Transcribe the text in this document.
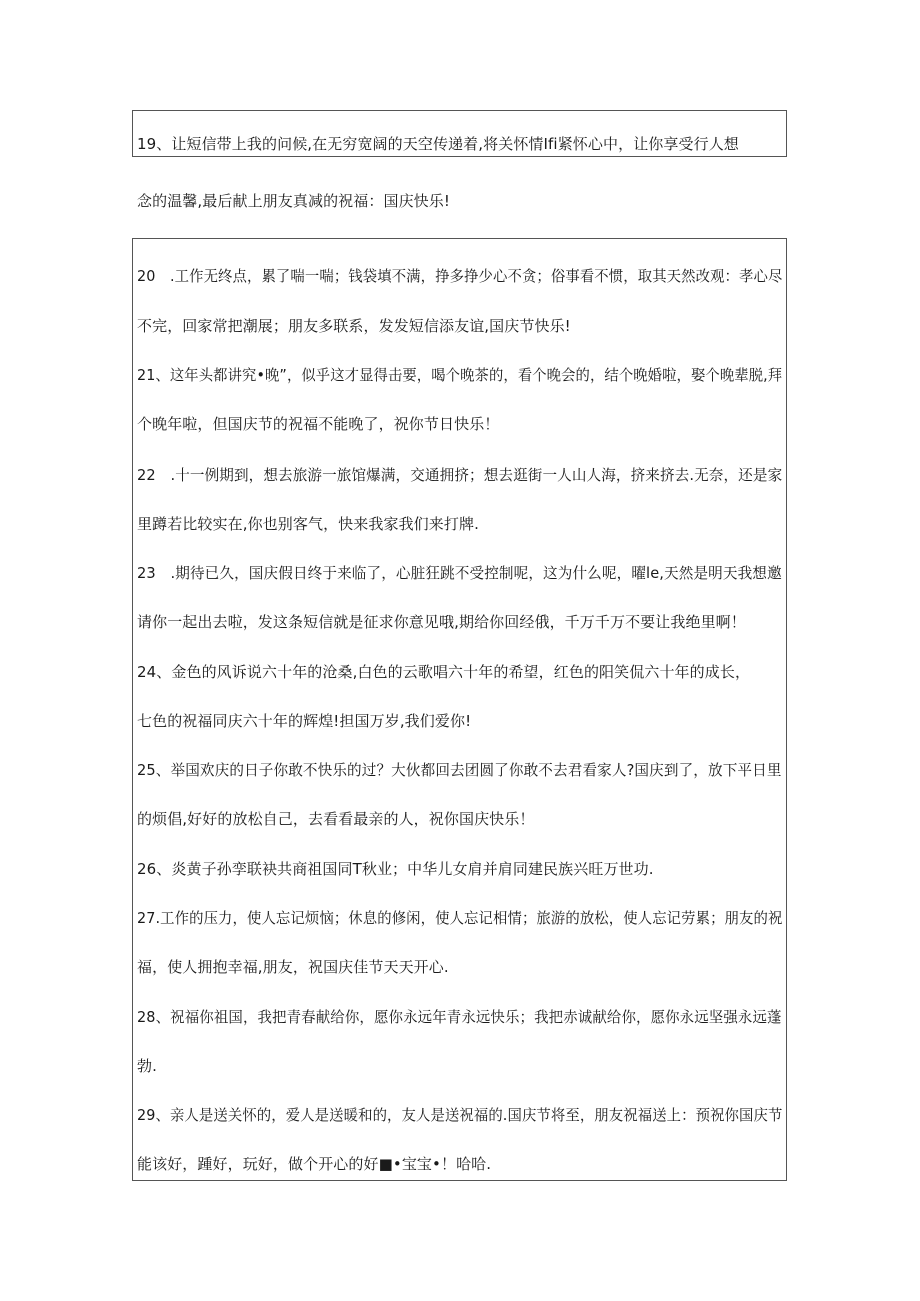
19、让短信带上我的问候,在无穷宽阔的天空传递着,将关怀情Ifi紧怀心中，让你享受行人想
念的温馨,最后献上朋友真减的祝福：国庆快乐!
20　.工作无终点，累了喘一喘；钱袋填不满，挣多挣少心不贪；俗事看不惯，取其天然改观：孝心尽
不完，回家常把潮展；朋友多联系，发发短信添友谊,国庆节快乐!
21、这年头都讲究•晚”，似乎这才显得击要，喝个晚茶的，看个晚会的，结个晚婚啦，娶个晚辈脱,拜
个晚年啦，但国庆节的祝福不能晚了，祝你节日快乐！
22　.十一例期到，想去旅游一旅馆爆满，交通拥挤；想去逛街一人山人海，挤来挤去.无奈，还是家
里蹲若比较实在,你也别客气，快来我家我们来打牌.
23　.期待已久，国庆假日终于来临了，心脏狂跳不受控制呢，这为什么呢，曜le,天然是明天我想邀
请你一起出去啦，发这条短信就是征求你意见哦,期给你回经俄，千万千万不要让我绝里啊！
24、金色的风诉说六十年的沧桑,白色的云歌唱六十年的希望，红色的阳笑侃六十年的成长，
七色的祝福同庆六十年的辉煌!担国万岁,我们爱你!
25、举国欢庆的日子你敢不快乐的过？大伙都回去团圆了你敢不去君看家人?国庆到了，放下平日里
的烦倡,好好的放松自己，去看看最亲的人，祝你国庆快乐！
26、炎黄子孙孪联袂共商祖国同T秋业；中华儿女肩并肩同建民族兴旺万世功.
27.工作的压力，使人忘记烦恼；休息的修闲，使人忘记相情；旅游的放松，使人忘记劳累；朋友的祝
福，使人拥抱幸福,朋友，祝国庆佳节天天开心.
28、祝福你祖国，我把青春献给你，愿你永远年青永远快乐；我把赤诚献给你，愿你永远坚强永远蓬
勃.
29、亲人是送关怀的，爱人是送暖和的，友人是送祝福的.国庆节将至，朋友祝福送上：预祝你国庆节
能该好，踵好，玩好，做个开心的好■•宝宝•！哈哈.
